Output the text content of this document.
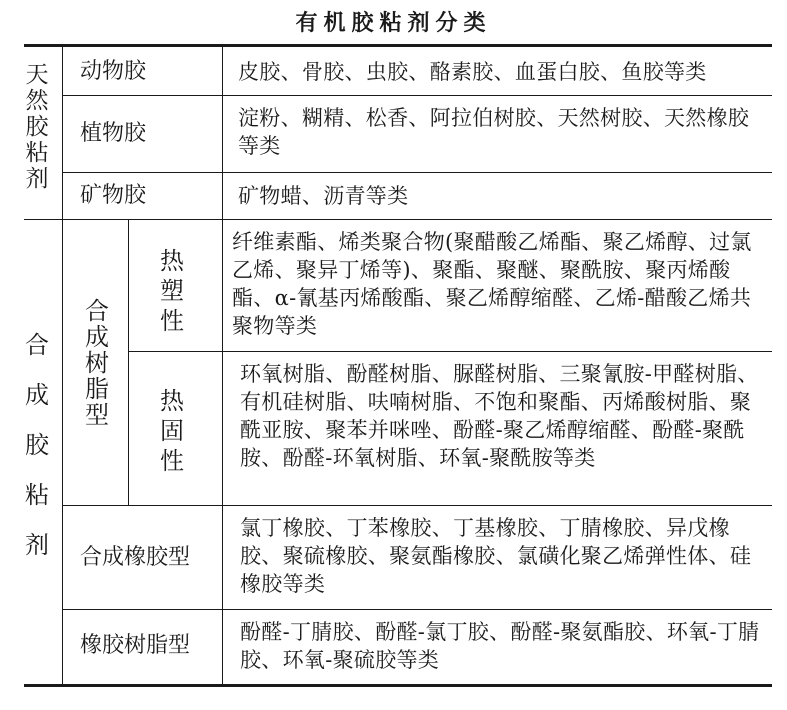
有机胶粘剂分类
天然胶粘剂
合成胶粘剂
动物胶	皮胶、骨胶、虫胶、酪素胶、血蛋白胶、鱼胶等类
植物胶
淀粉、糊精、松香、阿拉伯树胶、天然树胶、天然橡胶等类
矿物胶	矿物蜡、沥青等类
合成树脂型
热塑性
纤维素酯、烯类聚合物(聚醋酸乙烯酯、聚乙烯醇、过氯乙烯、聚异丁烯等)、聚酯、聚醚、聚酰胺、聚丙烯酸酯、α-氰基丙烯酸酯、聚乙烯醇缩醛、乙烯-醋酸乙烯共聚物等类
热固性
环氧树脂、酚醛树脂、脲醛树脂、三聚氰胺-甲醛树脂、有机硅树脂、呋喃树脂、不饱和聚酯、丙烯酸树脂、聚酰亚胺、聚苯并咪唑、酚醛-聚乙烯醇缩醛、酚醛-聚酰胺、酚醛-环氧树脂、环氧-聚酰胺等类
合成橡胶型
氯丁橡胶、丁苯橡胶、丁基橡胶、丁腈橡胶、异戊橡胶、聚硫橡胶、聚氨酯橡胶、氯磺化聚乙烯弹性体、硅橡胶等类
橡胶树脂型
酚醛-丁腈胶、酚醛-氯丁胶、酚醛-聚氨酯胶、环氧-丁腈胶、环氧-聚硫胶等类
